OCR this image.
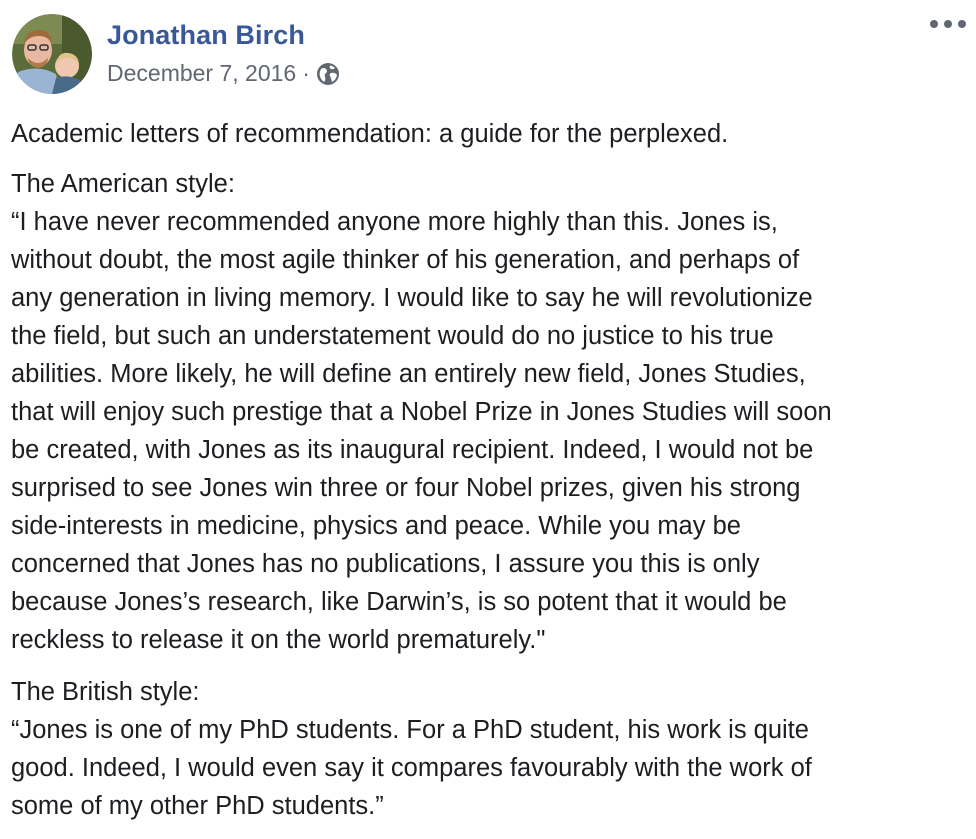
Jonathan Birch
December 7, 2016 ·

Academic letters of recommendation: a guide for the perplexed.

The American style:

“I have never recommended anyone more highly than this. Jones is,

without doubt, the most agile thinker of his generation, and perhaps of

any generation in living memory. I would like to say he will revolutionize

the field, but such an understatement would do no justice to his true

abilities. More likely, he will define an entirely new field, Jones Studies,

that will enjoy such prestige that a Nobel Prize in Jones Studies will soon

be created, with Jones as its inaugural recipient. Indeed, I would not be

surprised to see Jones win three or four Nobel prizes, given his strong

side-interests in medicine, physics and peace. While you may be

concerned that Jones has no publications, I assure you this is only

because Jones’s research, like Darwin’s, is so potent that it would be

reckless to release it on the world prematurely."

The British style:

“Jones is one of my PhD students. For a PhD student, his work is quite

good. Indeed, I would even say it compares favourably with the work of

some of my other PhD students.”
